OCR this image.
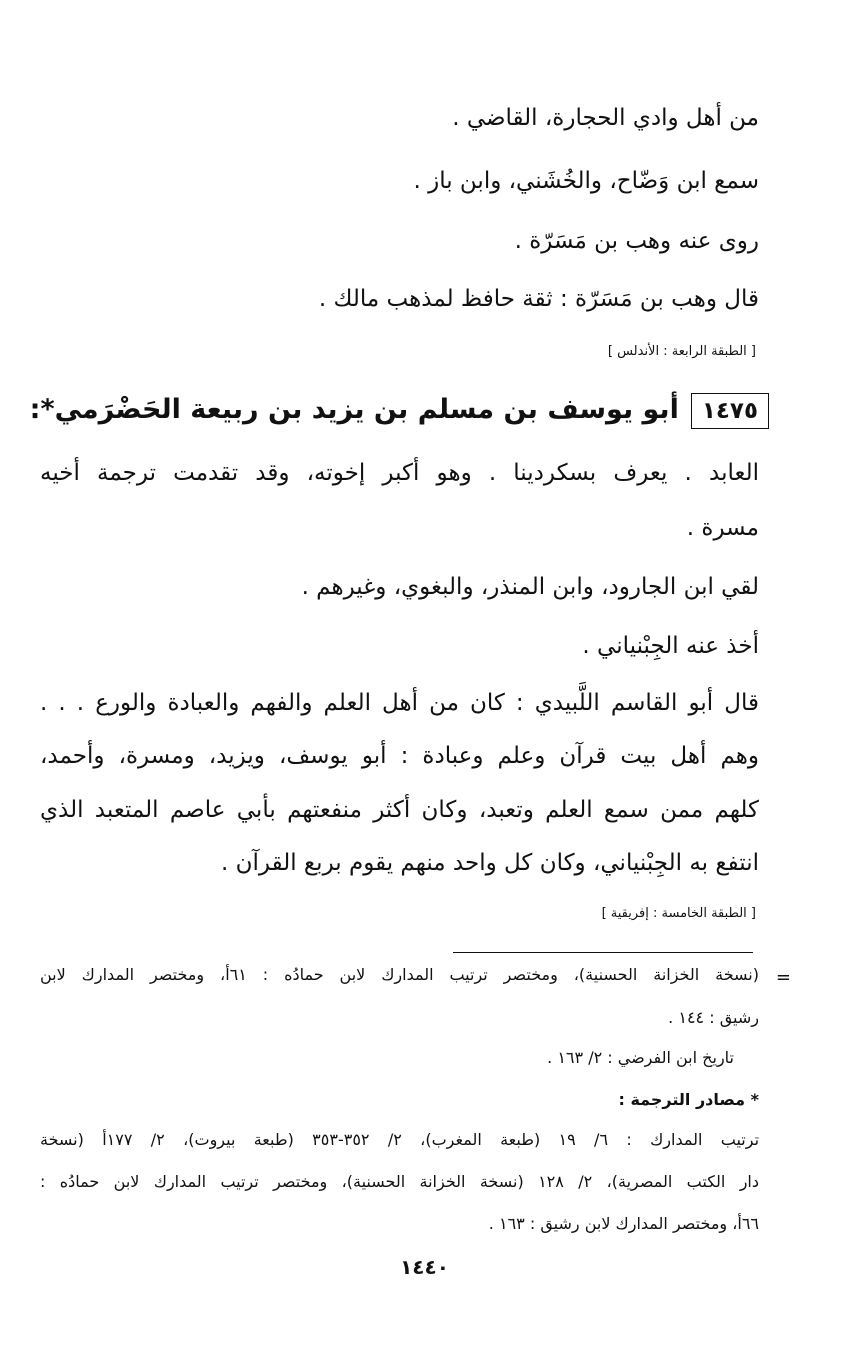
من أهل وادي الحجارة، القاضي .
سمع ابن وَضّاح، والخُشَني، وابن باز .
روى عنه وهب بن مَسَرّة .
قال وهب بن مَسَرّة : ثقة حافظ لمذهب مالك .
[ الطبقة الرابعة : الأندلس ]
١٤٧٥أبو يوسف بن مسلم بن يزيد بن ربيعة الحَضْرَمي*:
العابد . يعرف بسكردينا . وهو أكبر إخوته، وقد تقدمت ترجمة أخيه
مسرة .
لقي ابن الجارود، وابن المنذر، والبغوي، وغيرهم .
أخذ عنه الجِبْنياني .
قال أبو القاسم اللَّبيدي : كان من أهل العلم والفهم والعبادة والورع . . .
وهم أهل بيت قرآن وعلم وعبادة : أبو يوسف، ويزيد، ومسرة، وأحمد،
كلهم ممن سمع العلم وتعبد، وكان أكثر منفعتهم بأبي عاصم المتعبد الذي
انتفع به الجِبْنياني، وكان كل واحد منهم يقوم بربع القرآن .
[ الطبقة الخامسة : إفريقية ]
=
(نسخة الخزانة الحسنية)، ومختصر ترتيب المدارك لابن حمادُه : ٦١أ، ومختصر المدارك لابن
رشيق : ١٤٤ .
تاريخ ابن الفرضي : ٢/ ١٦٣ .
* مصادر الترجمة :
ترتيب المدارك : ٦/ ١٩ (طبعة المغرب)، ٢/ ٣٥٢-٣٥٣ (طبعة بيروت)، ٢/ ١٧٧أ (نسخة
دار الكتب المصرية)، ٢/ ١٢٨ (نسخة الخزانة الحسنية)، ومختصر ترتيب المدارك لابن حمادُه :
٦٦أ، ومختصر المدارك لابن رشيق : ١٦٣ .
١٤٤٠
